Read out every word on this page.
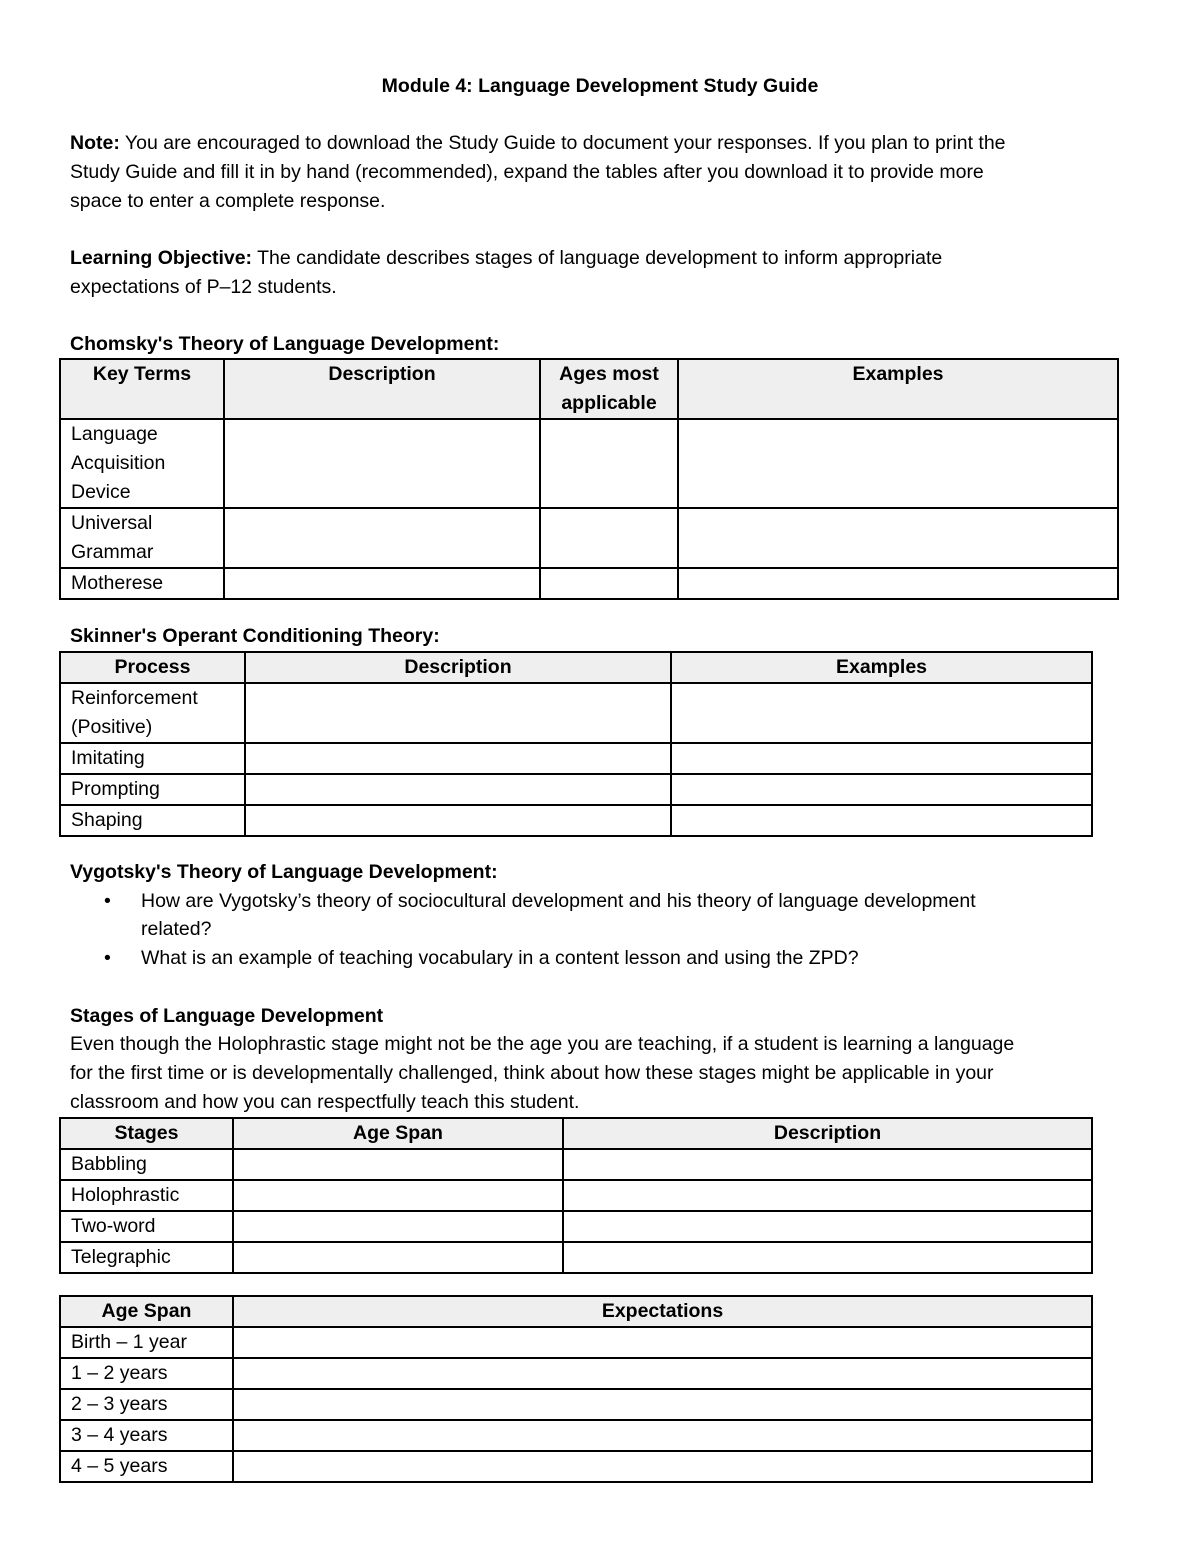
Module 4: Language Development Study Guide
Note: You are encouraged to download the Study Guide to document your responses. If you plan to print the
Study Guide and fill it in by hand (recommended), expand the tables after you download it to provide more
space to enter a complete response.
Learning Objective: The candidate describes stages of language development to inform appropriate
expectations of P–12 students.
Chomsky's Theory of Language Development:
Key Terms	Description	Ages most applicable	Examples
Language Acquisition Device			
Universal Grammar			
Motherese			
Skinner's Operant Conditioning Theory:
Process	Description	Examples
Reinforcement (Positive)		
Imitating		
Prompting		
Shaping		
Vygotsky's Theory of Language Development:
• How are Vygotsky’s theory of sociocultural development and his theory of language development
related?
• What is an example of teaching vocabulary in a content lesson and using the ZPD?
Stages of Language Development
Even though the Holophrastic stage might not be the age you are teaching, if a student is learning a language
for the first time or is developmentally challenged, think about how these stages might be applicable in your
classroom and how you can respectfully teach this student.
Stages	Age Span	Description
Babbling		
Holophrastic		
Two-word		
Telegraphic		
Age Span	Expectations
Birth – 1 year	
1 – 2 years	
2 – 3 years	
3 – 4 years	
4 – 5 years	
